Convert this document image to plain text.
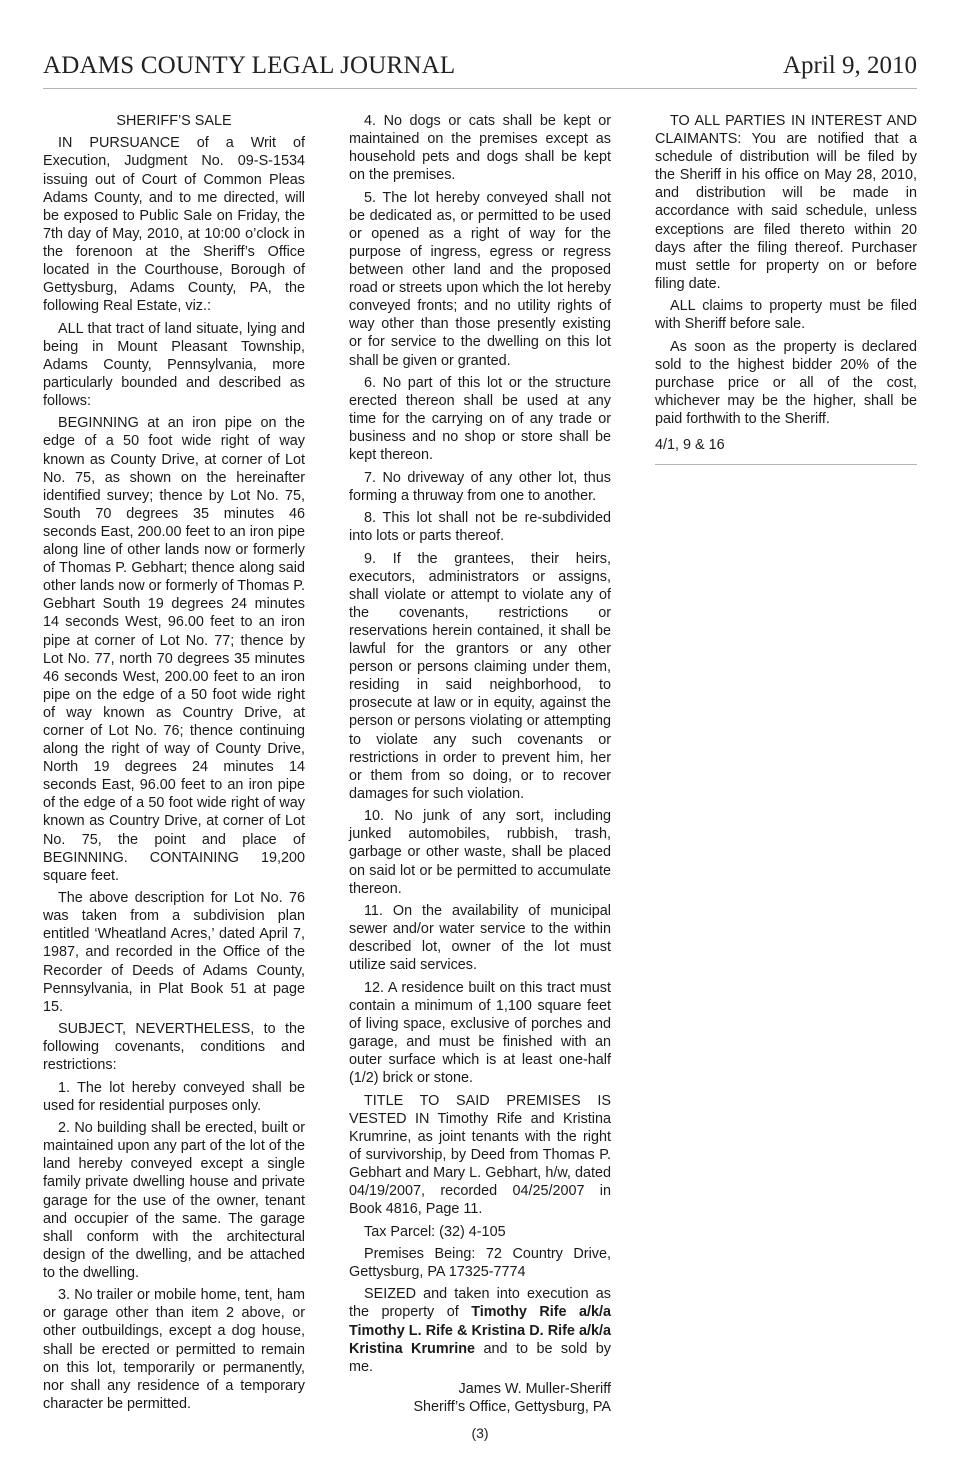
ADAMS COUNTY LEGAL JOURNAL	April 9, 2010

SHERIFF’S SALE

IN PURSUANCE of a Writ of Execution, Judgment No. 09-S-1534 issuing out of Court of Common Pleas Adams County, and to me directed, will be exposed to Public Sale on Friday, the 7th day of May, 2010, at 10:00 o’clock in the forenoon at the Sheriff’s Office located in the Courthouse, Borough of Gettysburg, Adams County, PA, the following Real Estate, viz.:

ALL that tract of land situate, lying and being in Mount Pleasant Township, Adams County, Pennsylvania, more particularly bounded and described as follows:

BEGINNING at an iron pipe on the edge of a 50 foot wide right of way known as County Drive, at corner of Lot No. 75, as shown on the hereinafter identified survey; thence by Lot No. 75, South 70 degrees 35 minutes 46 seconds East, 200.00 feet to an iron pipe along line of other lands now or formerly of Thomas P. Gebhart; thence along said other lands now or formerly of Thomas P. Gebhart South 19 degrees 24 minutes 14 seconds West, 96.00 feet to an iron pipe at corner of Lot No. 77; thence by Lot No. 77, north 70 degrees 35 minutes 46 seconds West, 200.00 feet to an iron pipe on the edge of a 50 foot wide right of way known as Country Drive, at corner of Lot No. 76; thence continuing along the right of way of County Drive, North 19 degrees 24 minutes 14 seconds East, 96.00 feet to an iron pipe of the edge of a 50 foot wide right of way known as Country Drive, at corner of Lot No. 75, the point and place of BEGINNING. CONTAINING 19,200 square feet.

The above description for Lot No. 76 was taken from a subdivision plan entitled ‘Wheatland Acres,’ dated April 7, 1987, and recorded in the Office of the Recorder of Deeds of Adams County, Pennsylvania, in Plat Book 51 at page 15.

SUBJECT, NEVERTHELESS, to the following covenants, conditions and restrictions:

1. The lot hereby conveyed shall be used for residential purposes only.

2. No building shall be erected, built or maintained upon any part of the lot of the land hereby conveyed except a single family private dwelling house and private garage for the use of the owner, tenant and occupier of the same. The garage shall conform with the architectural design of the dwelling, and be attached to the dwelling.

3. No trailer or mobile home, tent, ham or garage other than item 2 above, or other outbuildings, except a dog house, shall be erected or permitted to remain on this lot, temporarily or permanently, nor shall any residence of a temporary character be permitted.

4. No dogs or cats shall be kept or maintained on the premises except as household pets and dogs shall be kept on the premises.

5. The lot hereby conveyed shall not be dedicated as, or permitted to be used or opened as a right of way for the purpose of ingress, egress or regress between other land and the proposed road or streets upon which the lot hereby conveyed fronts; and no utility rights of way other than those presently existing or for service to the dwelling on this lot shall be given or granted.

6. No part of this lot or the structure erected thereon shall be used at any time for the carrying on of any trade or business and no shop or store shall be kept thereon.

7. No driveway of any other lot, thus forming a thruway from one to another.

8. This lot shall not be re-subdivided into lots or parts thereof.

9. If the grantees, their heirs, executors, administrators or assigns, shall violate or attempt to violate any of the covenants, restrictions or reservations herein contained, it shall be lawful for the grantors or any other person or persons claiming under them, residing in said neighborhood, to prosecute at law or in equity, against the person or persons violating or attempting to violate any such covenants or restrictions in order to prevent him, her or them from so doing, or to recover damages for such violation.

10. No junk of any sort, including junked automobiles, rubbish, trash, garbage or other waste, shall be placed on said lot or be permitted to accumulate thereon.

11. On the availability of municipal sewer and/or water service to the within described lot, owner of the lot must utilize said services.

12. A residence built on this tract must contain a minimum of 1,100 square feet of living space, exclusive of porches and garage, and must be finished with an outer surface which is at least one-half (1/2) brick or stone.

TITLE TO SAID PREMISES IS VESTED IN Timothy Rife and Kristina Krumrine, as joint tenants with the right of survivorship, by Deed from Thomas P. Gebhart and Mary L. Gebhart, h/w, dated 04/19/2007, recorded 04/25/2007 in Book 4816, Page 11.

Tax Parcel: (32) 4-105

Premises Being: 72 Country Drive, Gettysburg, PA 17325-7774

SEIZED and taken into execution as the property of Timothy Rife a/k/a Timothy L. Rife & Kristina D. Rife a/k/a Kristina Krumrine and to be sold by me.

James W. Muller-Sheriff

Sheriff’s Office, Gettysburg, PA

TO ALL PARTIES IN INTEREST AND CLAIMANTS: You are notified that a schedule of distribution will be filed by the Sheriff in his office on May 28, 2010, and distribution will be made in accordance with said schedule, unless exceptions are filed thereto within 20 days after the filing thereof. Purchaser must settle for property on or before filing date.

ALL claims to property must be filed with Sheriff before sale.

As soon as the property is declared sold to the highest bidder 20% of the purchase price or all of the cost, whichever may be the higher, shall be paid forthwith to the Sheriff.

4/1, 9 & 16

(3)
